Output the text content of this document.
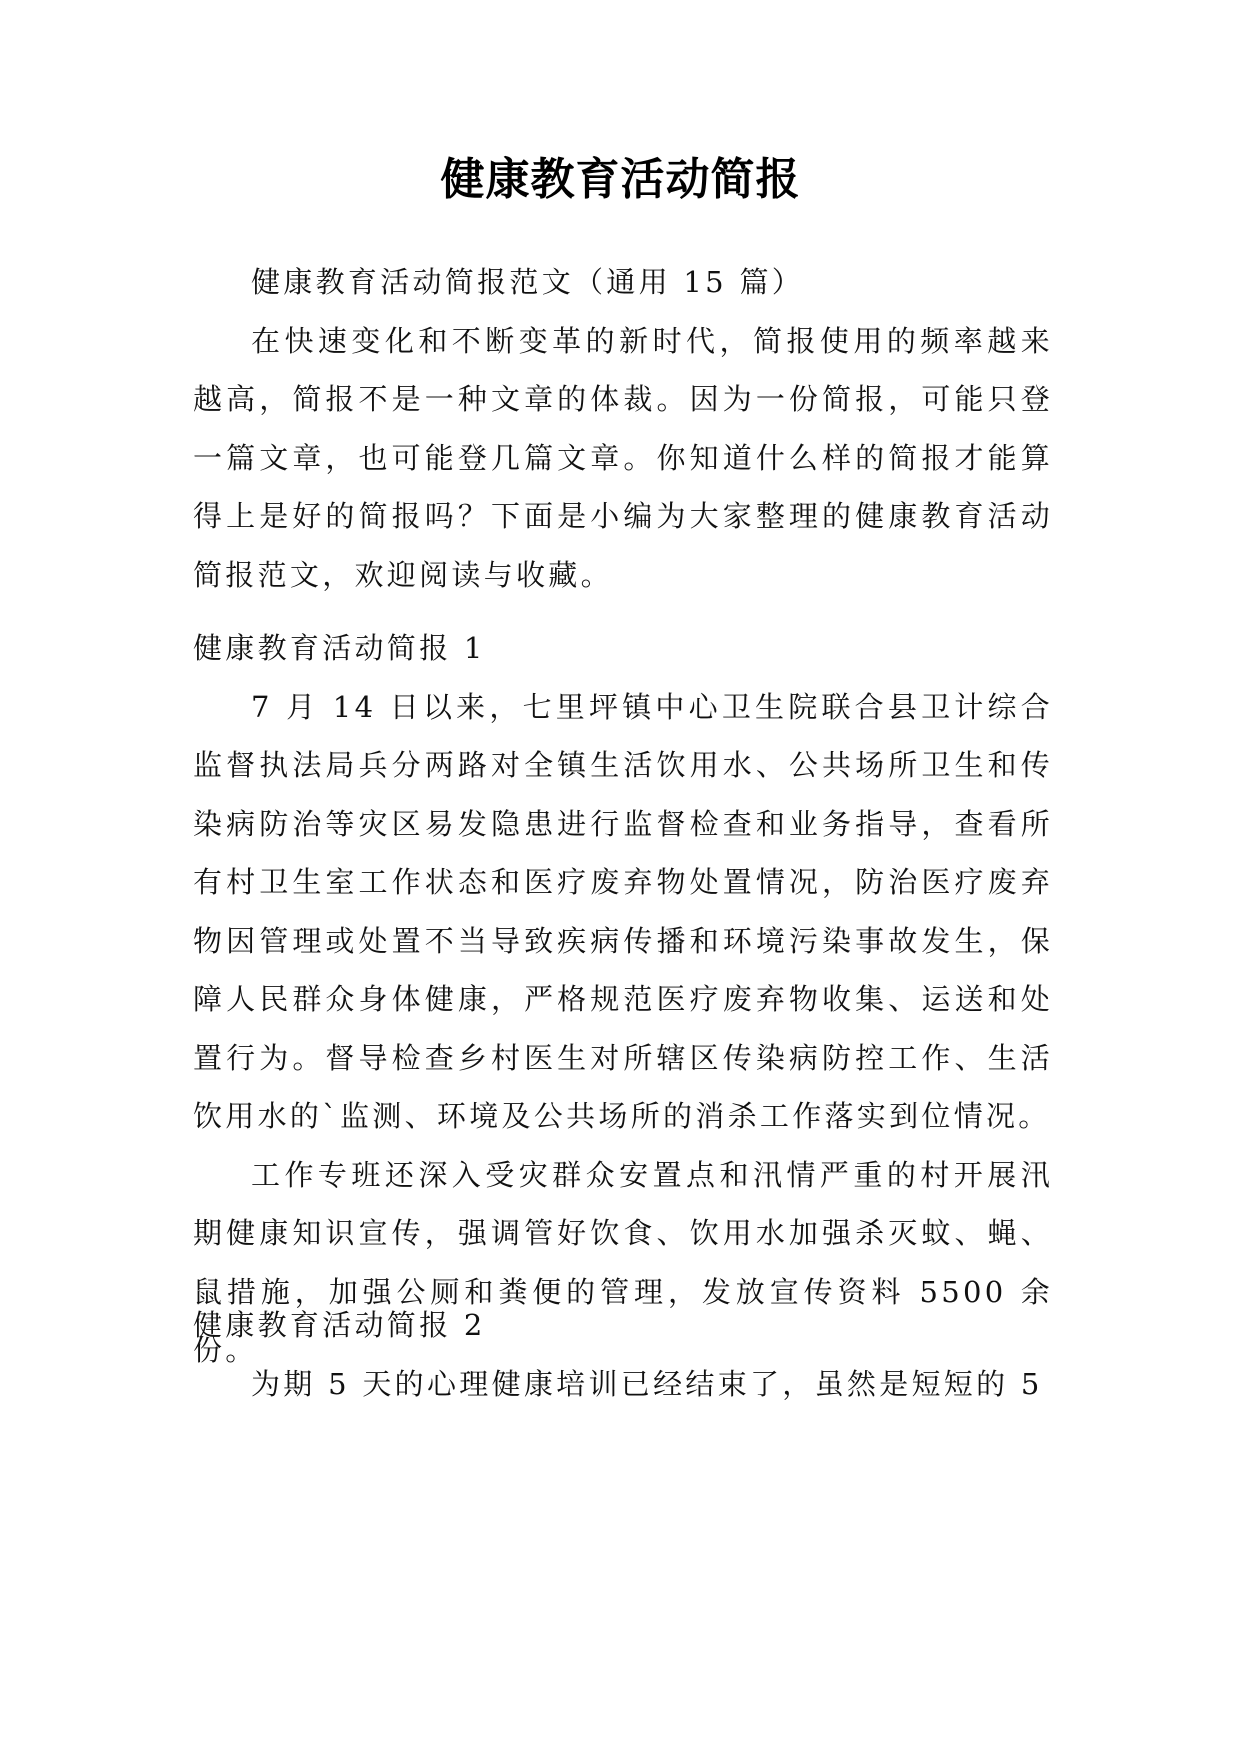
健康教育活动简报

健康教育活动简报范文（通用 15 篇）

在快速变化和不断变革的新时代，简报使用的频率越来越高，简报不是一种文章的体裁。因为一份简报，可能只登一篇文章，也可能登几篇文章。你知道什么样的简报才能算得上是好的简报吗？下面是小编为大家整理的健康教育活动简报范文，欢迎阅读与收藏。

健康教育活动简报 1

7 月 14 日以来，七里坪镇中心卫生院联合县卫计综合监督执法局兵分两路对全镇生活饮用水、公共场所卫生和传染病防治等灾区易发隐患进行监督检查和业务指导，查看所有村卫生室工作状态和医疗废弃物处置情况，防治医疗废弃物因管理或处置不当导致疾病传播和环境污染事故发生，保障人民群众身体健康，严格规范医疗废弃物收集、运送和处置行为。督导检查乡村医生对所辖区传染病防控工作、生活饮用水的`监测、环境及公共场所的消杀工作落实到位情况。

工作专班还深入受灾群众安置点和汛情严重的村开展汛期健康知识宣传，强调管好饮食、饮用水加强杀灭蚊、蝇、鼠措施，加强公厕和粪便的管理，发放宣传资料 5500 余份。

健康教育活动简报 2

为期 5 天的心理健康培训已经结束了，虽然是短短的 5
